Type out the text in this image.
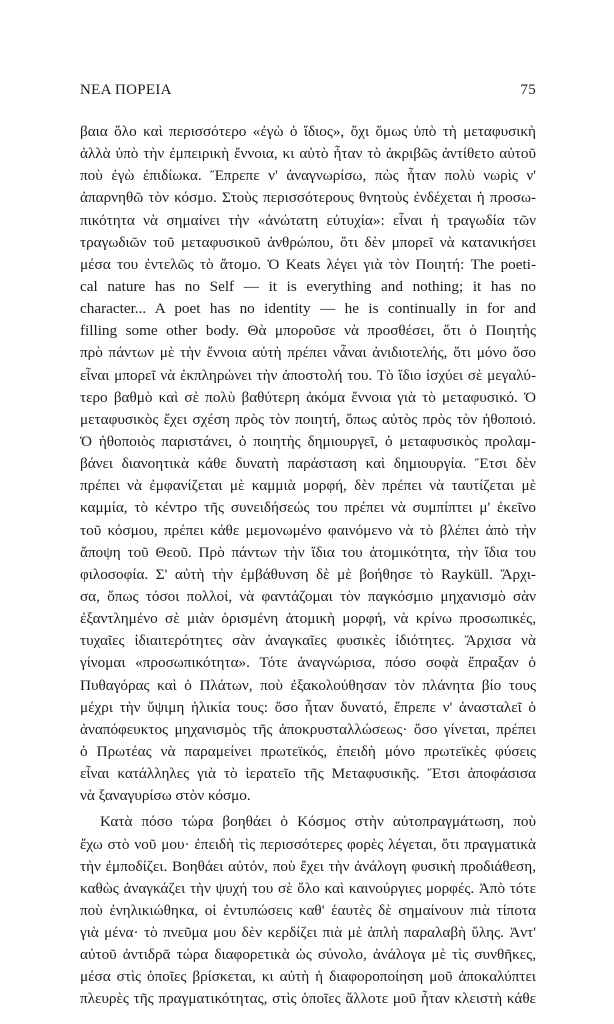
ΝΕΑ ΠΟΡΕΙΑ	75
βαια ὅλο καὶ περισσότερο «ἐγὼ ὁ ἴδιος», ὄχι ὅμως ὑπὸ τὴ μεταφυσικὴ
ἀλλὰ ὑπὸ τὴν ἐμπειρικὴ ἔννοια, κι αὐτὸ ἦταν τὸ ἀκριβῶς ἀντίθετο αὐτοῦ
ποὺ ἐγὼ ἐπιδίωκα. Ἔπρεπε ν' ἀναγνωρίσω, πὼς ἦταν πολὺ νωρὶς ν'
ἀπαρνηθῶ τὸν κόσμο. Στοὺς περισσότερους θνητοὺς ἐνδέχεται ἡ προσω-
πικότητα νὰ σημαίνει τὴν «ἀνώτατη εὐτυχία»: εἶναι ἡ τραγωδία τῶν
τραγωδιῶν τοῦ μεταφυσικοῦ ἀνθρώπου, ὅτι δὲν μπορεῖ νὰ κατανικήσει
μέσα του ἐντελῶς τὸ ἄτομο. Ὁ Keats λέγει γιὰ τὸν Ποιητή: The poeti-
cal nature has no Self — it is everything and nothing; it has no
character... A poet has no identity — he is continually in for and
filling some other body. Θὰ μποροῦσε νὰ προσθέσει, ὅτι ὁ Ποιητὴς
πρὸ πάντων μὲ τὴν ἔννοια αὐτὴ πρέπει νἆναι ἀνιδιοτελής, ὅτι μόνο ὅσο
εἶναι μπορεῖ νὰ ἐκπληρώνει τὴν ἀποστολή του. Τὸ ἴδιο ἰσχύει σὲ μεγαλύ-
τερο βαθμὸ καὶ σὲ πολὺ βαθύτερη ἀκόμα ἔννοια γιὰ τὸ μεταφυσικό. Ὁ
μεταφυσικὸς ἔχει σχέση πρὸς τὸν ποιητή, ὅπως αὐτὸς πρὸς τὸν ἠθοποιό.
Ὁ ἠθοποιὸς παριστάνει, ὁ ποιητὴς δημιουργεῖ, ὁ μεταφυσικὸς προλαμ-
βάνει διανοητικὰ κάθε δυνατὴ παράσταση καὶ δημιουργία. Ἔτσι δὲν
πρέπει νὰ ἐμφανίζεται μὲ καμμιὰ μορφή, δὲν πρέπει νὰ ταυτίζεται μὲ
καμμία, τὸ κέντρο τῆς συνειδήσεώς του πρέπει νὰ συμπίπτει μ' ἐκεῖνο
τοῦ κόσμου, πρέπει κάθε μεμονωμένο φαινόμενο νὰ τὸ βλέπει ἀπὸ τὴν
ἄποψη τοῦ Θεοῦ. Πρὸ πάντων τὴν ἴδια του ἀτομικότητα, τὴν ἴδια του
φιλοσοφία. Σ' αὐτὴ τὴν ἐμβάθυνση δὲ μὲ βοήθησε τὸ Rayküll. Ἄρχι-
σα, ὅπως τόσοι πολλοί, νὰ φαντάζομαι τὸν παγκόσμιο μηχανισμὸ σὰν
ἐξαντλημένο σὲ μιὰν ὁρισμένη ἀτομικὴ μορφή, νὰ κρίνω προσωπικές,
τυχαῖες ἰδιαιτερότητες σὰν ἀναγκαῖες φυσικὲς ἰδιότητες. Ἄρχισα νὰ
γίνομαι «προσωπικότητα». Τότε ἀναγνώρισα, πόσο σοφὰ ἔπραξαν ὁ
Πυθαγόρας καὶ ὁ Πλάτων, ποὺ ἐξακολούθησαν τὸν πλάνητα βίο τους
μέχρι τὴν ὕψιμη ἡλικία τους: ὅσο ἦταν δυνατό, ἔπρεπε ν' ἀνασταλεῖ ὁ
ἀναπόφευκτος μηχανισμὸς τῆς ἀποκρυσταλλώσεως· ὅσο γίνεται, πρέπει
ὁ Πρωτέας νὰ παραμείνει πρωτεϊκός, ἐπειδὴ μόνο πρωτεϊκὲς φύσεις
εἶναι κατάλληλες γιὰ τὸ ἱερατεῖο τῆς Μεταφυσικῆς. Ἔτσι ἀποφάσισα
νὰ ξαναγυρίσω στὸν κόσμο.
Κατὰ πόσο τώρα βοηθάει ὁ Κόσμος στὴν αὐτοπραγμάτωση, ποὺ
ἔχω στὸ νοῦ μου· ἐπειδὴ τὶς περισσότερες φορὲς λέγεται, ὅτι πραγματικὰ
τὴν ἐμποδίζει. Βοηθάει αὐτόν, ποὺ ἔχει τὴν ἀνάλογη φυσικὴ προδιάθεση,
καθὼς ἀναγκάζει τὴν ψυχή του σὲ ὅλο καὶ καινούργιες μορφές. Ἀπὸ τότε
ποὺ ἐνηλικιώθηκα, οἱ ἐντυπώσεις καθ' ἑαυτὲς δὲ σημαίνουν πιὰ τίποτα
γιὰ μένα· τὸ πνεῦμα μου δὲν κερδίζει πιὰ μὲ ἁπλὴ παραλαβὴ ὕλης. Ἀντ'
αὐτοῦ ἀντιδρᾶ τώρα διαφορετικὰ ὡς σύνολο, ἀνάλογα μὲ τὶς συνθῆκες,
μέσα στὶς ὁποῖες βρίσκεται, κι αὐτὴ ἡ διαφοροποίηση μοῦ ἀποκαλύπτει
πλευρὲς τῆς πραγματικότητας, στὶς ὁποῖες ἄλλοτε μοῦ ἦταν κλειστὴ κάθε
